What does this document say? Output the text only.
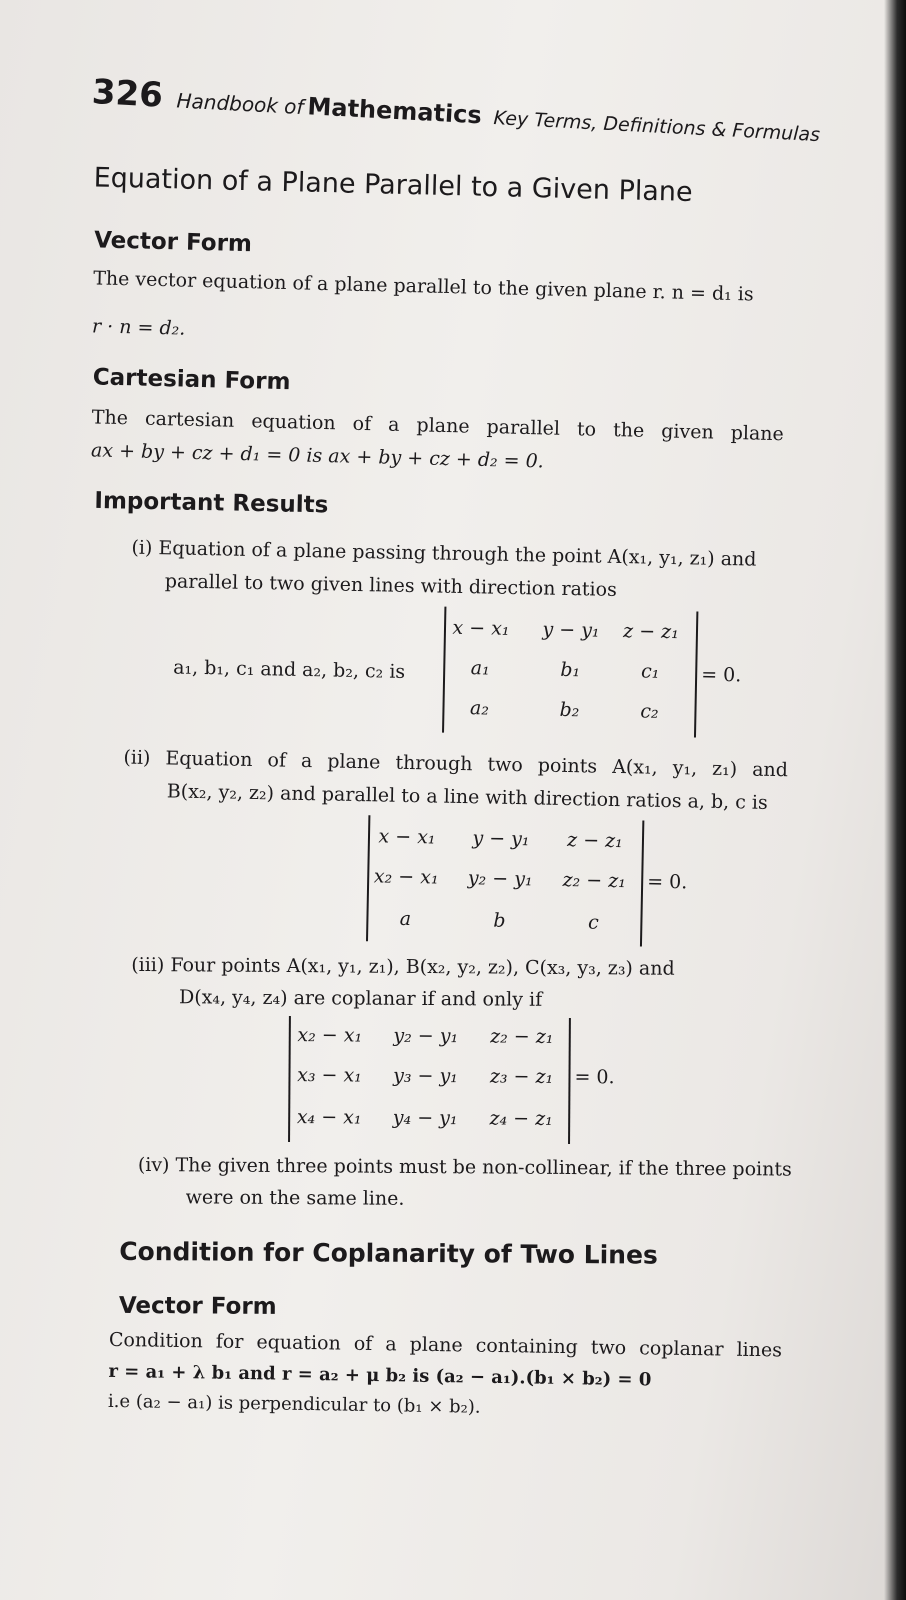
326 Handbook of Mathematics Key Terms, Definitions & Formulas
Equation of a Plane Parallel to a Given Plane
Vector Form
The vector equation of a plane parallel to the given plane r. n = d₁ is
r · n = d₂.
Cartesian Form
The cartesian equation of a plane parallel to the given plane
ax + by + cz + d₁ = 0 is ax + by + cz + d₂ = 0.
Important Results
(i) Equation of a plane passing through the point A(x₁, y₁, z₁) and
parallel to two given lines with direction ratios
a₁, b₁, c₁ and a₂, b₂, c₂ is
x − x₁	y − y₁	z − z₁
a₁	b₁	c₁
a₂	b₂	c₂
= 0.
(ii) Equation of a plane through two points A(x₁, y₁, z₁) and
B(x₂, y₂, z₂) and parallel to a line with direction ratios a, b, c is
x − x₁	y − y₁	z − z₁
x₂ − x₁	y₂ − y₁	z₂ − z₁
a	b	c
= 0.
(iii) Four points A(x₁, y₁, z₁), B(x₂, y₂, z₂), C(x₃, y₃, z₃) and
D(x₄, y₄, z₄) are coplanar if and only if
x₂ − x₁	y₂ − y₁	z₂ − z₁
x₃ − x₁	y₃ − y₁	z₃ − z₁
x₄ − x₁	y₄ − y₁	z₄ − z₁
= 0.
(iv) The given three points must be non-collinear, if the three points
were on the same line.
Condition for Coplanarity of Two Lines
Vector Form
Condition for equation of a plane containing two coplanar lines
r = a₁ + λ b₁ and r = a₂ + μ b₂ is (a₂ − a₁).(b₁ × b₂) = 0
i.e (a₂ − a₁) is perpendicular to (b₁ × b₂).
